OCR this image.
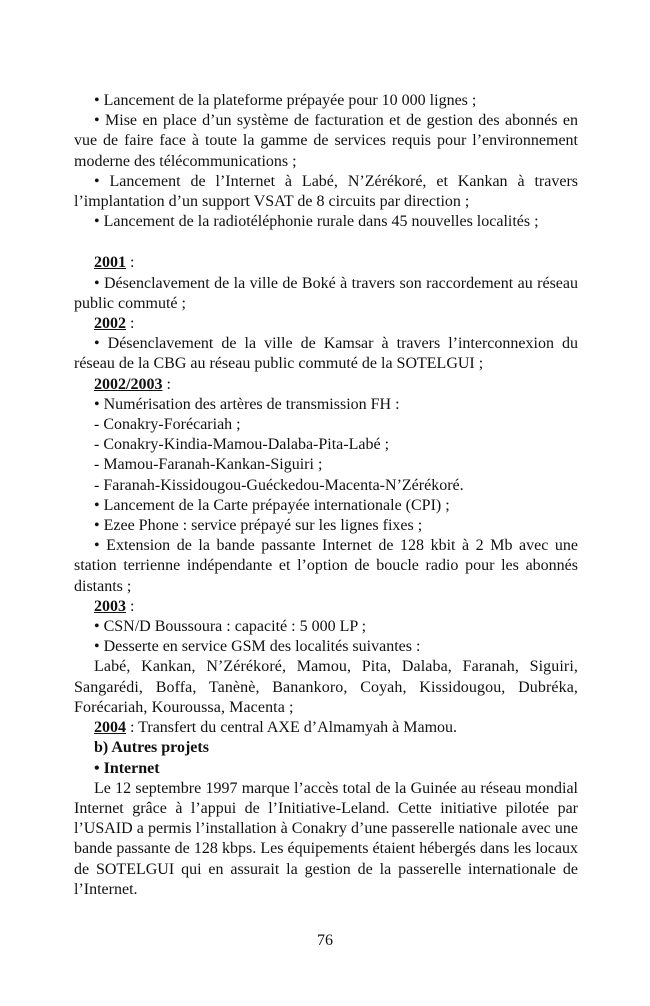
• Lancement de la plateforme prépayée pour 10 000 lignes ;

• Mise en place d’un système de facturation et de gestion des abonnés en vue de faire face à toute la gamme de services requis pour l’environnement moderne des télécommunications ;

• Lancement de l’Internet à Labé, N’Zérékoré, et Kankan à travers l’implantation d’un support VSAT de 8 circuits par direction ;

• Lancement de la radiotéléphonie rurale dans 45 nouvelles localités ;

2001 :

• Désenclavement de la ville de Boké à travers son raccordement au réseau public commuté ;

2002 :

• Désenclavement de la ville de Kamsar à travers l’interconnexion du réseau de la CBG au réseau public commuté de la SOTELGUI ;

2002/2003 :

• Numérisation des artères de transmission FH :

- Conakry-Forécariah ;

- Conakry-Kindia-Mamou-Dalaba-Pita-Labé ;

- Mamou-Faranah-Kankan-Siguiri ;

- Faranah-Kissidougou-Guéckedou-Macenta-N’Zérékoré.

• Lancement de la Carte prépayée internationale (CPI) ;

• Ezee Phone : service prépayé sur les lignes fixes ;

• Extension de la bande passante Internet de 128 kbit à 2 Mb avec une station terrienne indépendante et l’option de boucle radio pour les abonnés distants ;

2003 :

• CSN/D Boussoura : capacité : 5 000 LP ;

• Desserte en service GSM des localités suivantes :

Labé, Kankan, N’Zérékoré, Mamou, Pita, Dalaba, Faranah, Siguiri, Sangarédi, Boffa, Tanènè, Banankoro, Coyah, Kissidougou, Dubréka, Forécariah, Kouroussa, Macenta ;

2004 : Transfert du central AXE d’Almamyah à Mamou.

b) Autres projets

• Internet

Le 12 septembre 1997 marque l’accès total de la Guinée au réseau mondial Internet grâce à l’appui de l’Initiative-Leland. Cette initiative pilotée par l’USAID a permis l’installation à Conakry d’une passerelle nationale avec une bande passante de 128 kbps. Les équipements étaient hébergés dans les locaux de SOTELGUI qui en assurait la gestion de la passerelle internationale de l’Internet.

76
